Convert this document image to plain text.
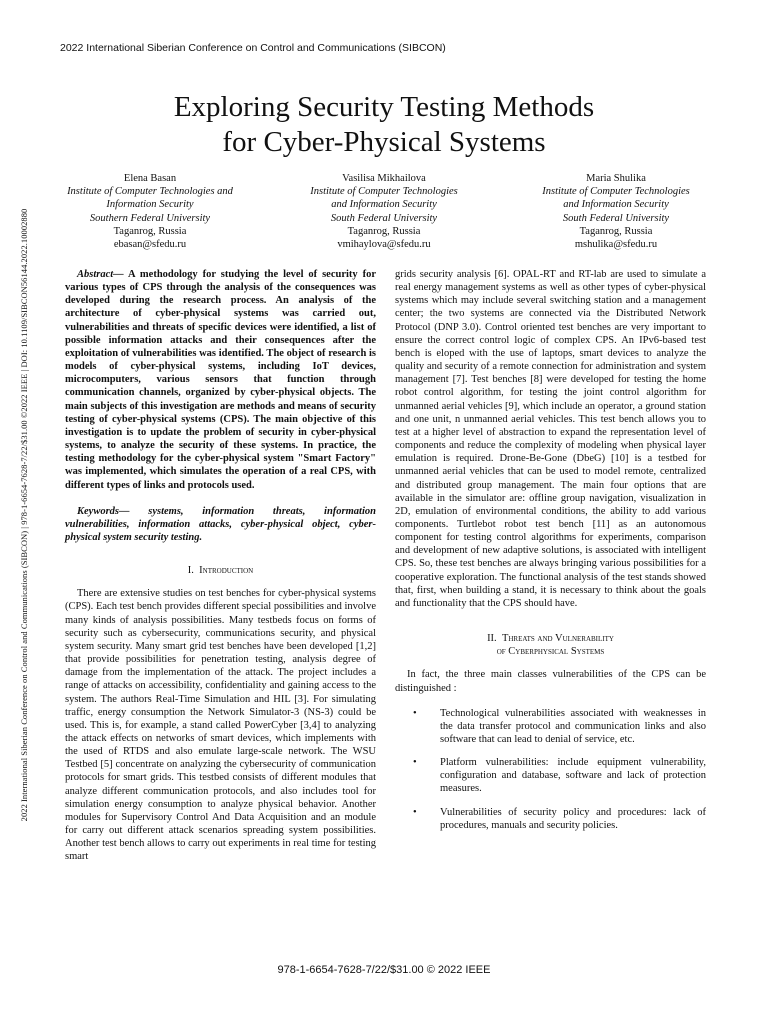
2022 International Siberian Conference on Control and Communications (SIBCON)
Exploring Security Testing Methods
for Cyber-Physical Systems
2022 International Siberian Conference on Control and Communications (SIBCON) | 978-1-6654-7628-7/22/$31.00 ©2022 IEEE | DOI: 10.1109/SIBCON56144.2022.10002880
Elena Basan
Institute of Computer Technologies and
Information Security
Southern Federal University
Taganrog, Russia
ebasan@sfedu.ru
Vasilisa Mikhailova
Institute of Computer Technologies
and Information Security
South Federal University
Taganrog, Russia
vmihaylova@sfedu.ru
Maria Shulika
Institute of Computer Technologies
and Information Security
South Federal University
Taganrog, Russia
mshulika@sfedu.ru

Abstract— A methodology for studying the level of security for various types of CPS through the analysis of the consequences was developed during the research process. An analysis of the architecture of cyber-physical systems was carried out, vulnerabilities and threats of specific devices were identified, a list of possible information attacks and their consequences after the exploitation of vulnerabilities was identified. The object of research is models of cyber-physical systems, including IoT devices, microcomputers, various sensors that function through communication channels, organized by cyber-physical objects. The main subjects of this investigation are methods and means of security testing of cyber-physical systems (CPS). The main objective of this investigation is to update the problem of security in cyber-physical systems, to analyze the security of these systems. In practice, the testing methodology for the cyber-physical system "Smart Factory" was implemented, which simulates the operation of a real CPS, with different types of links and protocols used.

Keywords— systems, information threats, information vulnerabilities, information attacks, cyber-physical object, cyber-physical system security testing.

I. Introduction

There are extensive studies on test benches for cyber-physical systems (CPS). Each test bench provides different special possibilities and involve many kinds of analysis possibilities. Many testbeds focus on forms of security such as cybersecurity, communications security, and physical system security. Many smart grid test benches have been developed [1,2] that provide possibilities for penetration testing, analysis degree of damage from the implementation of the attack. The project includes a range of attacks on accessibility, confidentiality and gaining access to the system. The authors Real-Time Simulation and HIL [3]. For simulating traffic, energy consumption the Network Simulator-3 (NS-3) could be used. This is, for example, a stand called PowerCyber [3,4] to analyzing the attack effects on networks of smart devices, which implements with the used of RTDS and also emulate large-scale network. The WSU Testbed [5] concentrate on analyzing the cybersecurity of communication protocols for smart grids. This testbed consists of different modules that analyze different communication protocols, and also includes tool for simulation energy consumption to analyze physical behavior. Another modules for Supervisory Control And Data Acquisition and an module for carry out different attack scenarios spreading system possibilities. Another test bench allows to carry out experiments in real time for testing smart

grids security analysis [6]. OPAL-RT and RT-lab are used to simulate a real energy management systems as well as other types of cyber-physical systems which may include several switching station and a management center; the two systems are connected via the Distributed Network Protocol (DNP 3.0). Control oriented test benches are very important to ensure the correct control logic of complex CPS. An IPv6-based test bench is eloped with the use of laptops, smart devices to analyze the quality and security of a remote connection for administration and system management [7]. Test benches [8] were developed for testing the home robot control algorithm, for testing the joint control algorithm for unmanned aerial vehicles [9], which include an operator, a ground station and one unit, n unmanned aerial vehicles. This test bench allows you to test at a higher level of abstraction to expand the representation level of components and reduce the complexity of modeling when physical layer emulation is required. Drone-Be-Gone (DbeG) [10] is a testbed for unmanned aerial vehicles that can be used to model remote, centralized and distributed group management. The main four options that are available in the simulator are: offline group navigation, visualization in 2D, emulation of environmental conditions, the ability to add various components. Turtlebot robot test bench [11] as an autonomous component for testing control algorithms for experiments, comparison and development of new adaptive solutions, is associated with intelligent CPS. So, these test benches are always bringing various possibilities for a cooperative exploration. The functional analysis of the test stands showed that, first, when building a stand, it is necessary to think about the goals and functionality that the CPS should have.

II. Threats and Vulnerability
of Cyberphysical Systems

In fact, the three main classes vulnerabilities of the CPS can be distinguished :

•	Technological vulnerabilities associated with weaknesses in the data transfer protocol and communication links and also software that can lead to denial of service, etc.
•	Platform vulnerabilities: include equipment vulnerability, configuration and database, software and lack of protection measures.
•	Vulnerabilities of security policy and procedures: lack of procedures, manuals and security policies.
978-1-6654-7628-7/22/$31.00 © 2022 IEEE
